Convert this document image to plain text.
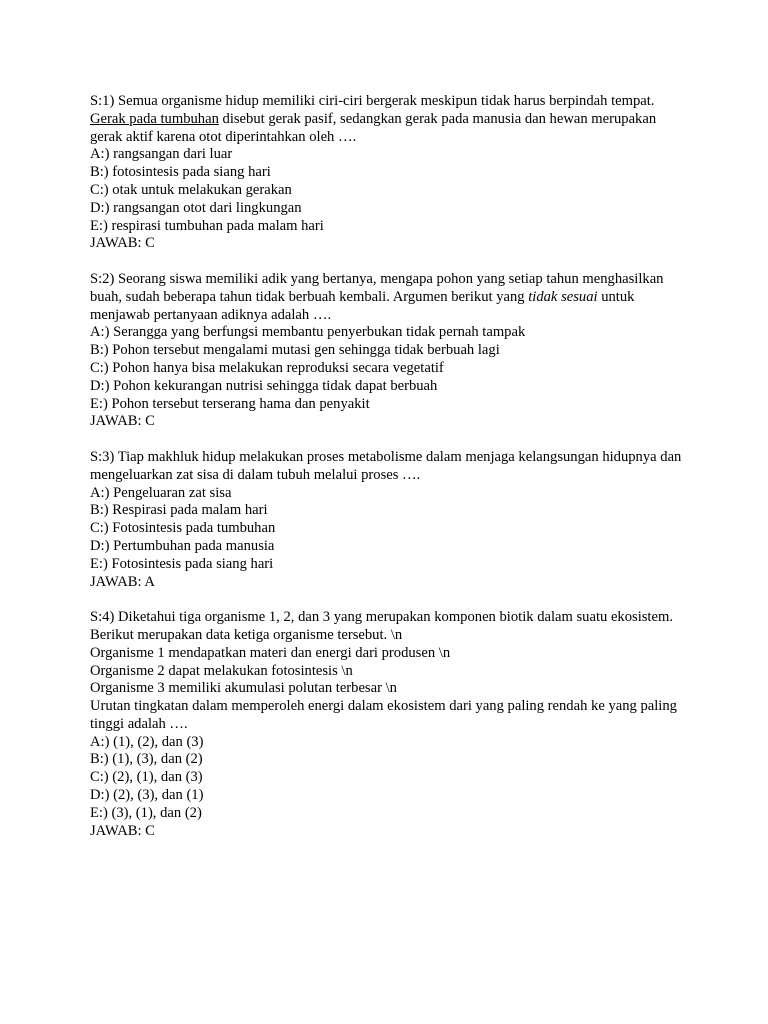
S:1) Semua organisme hidup memiliki ciri-ciri bergerak meskipun tidak harus berpindah tempat. Gerak pada tumbuhan disebut gerak pasif, sedangkan gerak pada manusia dan hewan merupakan gerak aktif karena otot diperintahkan oleh ….

A:) rangsangan dari luar

B:) fotosintesis pada siang hari

C:) otak untuk melakukan gerakan

D:) rangsangan otot dari lingkungan

E:) respirasi tumbuhan pada malam hari

JAWAB: C

S:2) Seorang siswa memiliki adik yang bertanya, mengapa pohon yang setiap tahun menghasilkan buah, sudah beberapa tahun tidak berbuah kembali. Argumen berikut yang tidak sesuai untuk menjawab pertanyaan adiknya adalah ….

A:) Serangga yang berfungsi membantu penyerbukan tidak pernah tampak

B:) Pohon tersebut mengalami mutasi gen sehingga tidak berbuah lagi

C:) Pohon hanya bisa melakukan reproduksi secara vegetatif

D:) Pohon kekurangan nutrisi sehingga tidak dapat berbuah

E:) Pohon tersebut terserang hama dan penyakit

JAWAB: C

S:3) Tiap makhluk hidup melakukan proses metabolisme dalam menjaga kelangsungan hidupnya dan mengeluarkan zat sisa di dalam tubuh melalui proses ….

A:) Pengeluaran zat sisa

B:) Respirasi pada malam hari

C:) Fotosintesis pada tumbuhan

D:) Pertumbuhan pada manusia

E:) Fotosintesis pada siang hari

JAWAB: A

S:4) Diketahui tiga organisme 1, 2, dan 3 yang merupakan komponen biotik dalam suatu ekosistem. Berikut merupakan data ketiga organisme tersebut. \n

Organisme 1 mendapatkan materi dan energi dari produsen \n

Organisme 2 dapat melakukan fotosintesis \n

Organisme 3 memiliki akumulasi polutan terbesar \n

Urutan tingkatan dalam memperoleh energi dalam ekosistem dari yang paling rendah ke yang paling tinggi adalah ….

A:) (1), (2), dan (3)

B:) (1), (3), dan (2)

C:) (2), (1), dan (3)

D:) (2), (3), dan (1)

E:) (3), (1), dan (2)

JAWAB: C
